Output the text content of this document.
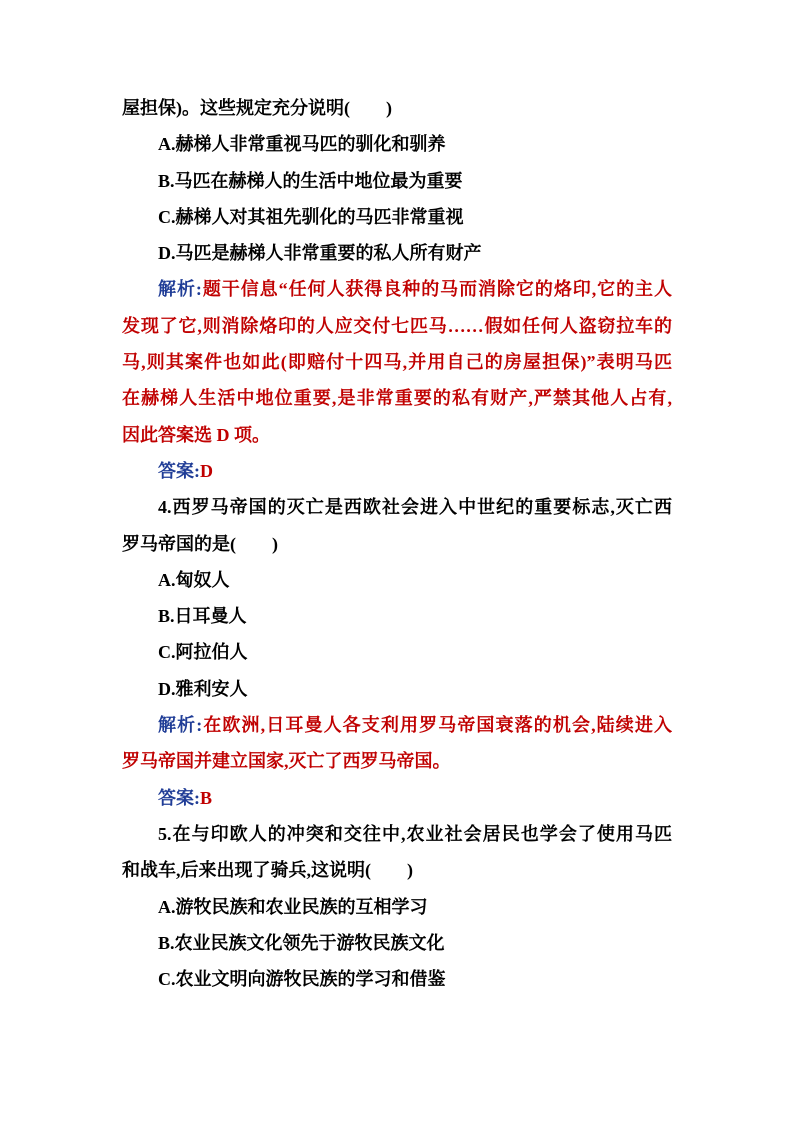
屋担保)。这些规定充分说明(　　)
A.赫梯人非常重视马匹的驯化和驯养
B.马匹在赫梯人的生活中地位最为重要
C.赫梯人对其祖先驯化的马匹非常重视
D.马匹是赫梯人非常重要的私人所有财产
解析:题干信息“任何人获得良种的马而消除它的烙印,它的主人
发现了它,则消除烙印的人应交付七匹马……假如任何人盗窃拉车的
马,则其案件也如此(即赔付十四马,并用自己的房屋担保)”表明马匹
在赫梯人生活中地位重要,是非常重要的私有财产,严禁其他人占有,
因此答案选 D 项。
答案:D
4.西罗马帝国的灭亡是西欧社会进入中世纪的重要标志,灭亡西
罗马帝国的是(　　)
A.匈奴人
B.日耳曼人
C.阿拉伯人
D.雅利安人
解析:在欧洲,日耳曼人各支利用罗马帝国衰落的机会,陆续进入
罗马帝国并建立国家,灭亡了西罗马帝国。
答案:B
5.在与印欧人的冲突和交往中,农业社会居民也学会了使用马匹
和战车,后来出现了骑兵,这说明(　　)
A.游牧民族和农业民族的互相学习
B.农业民族文化领先于游牧民族文化
C.农业文明向游牧民族的学习和借鉴
